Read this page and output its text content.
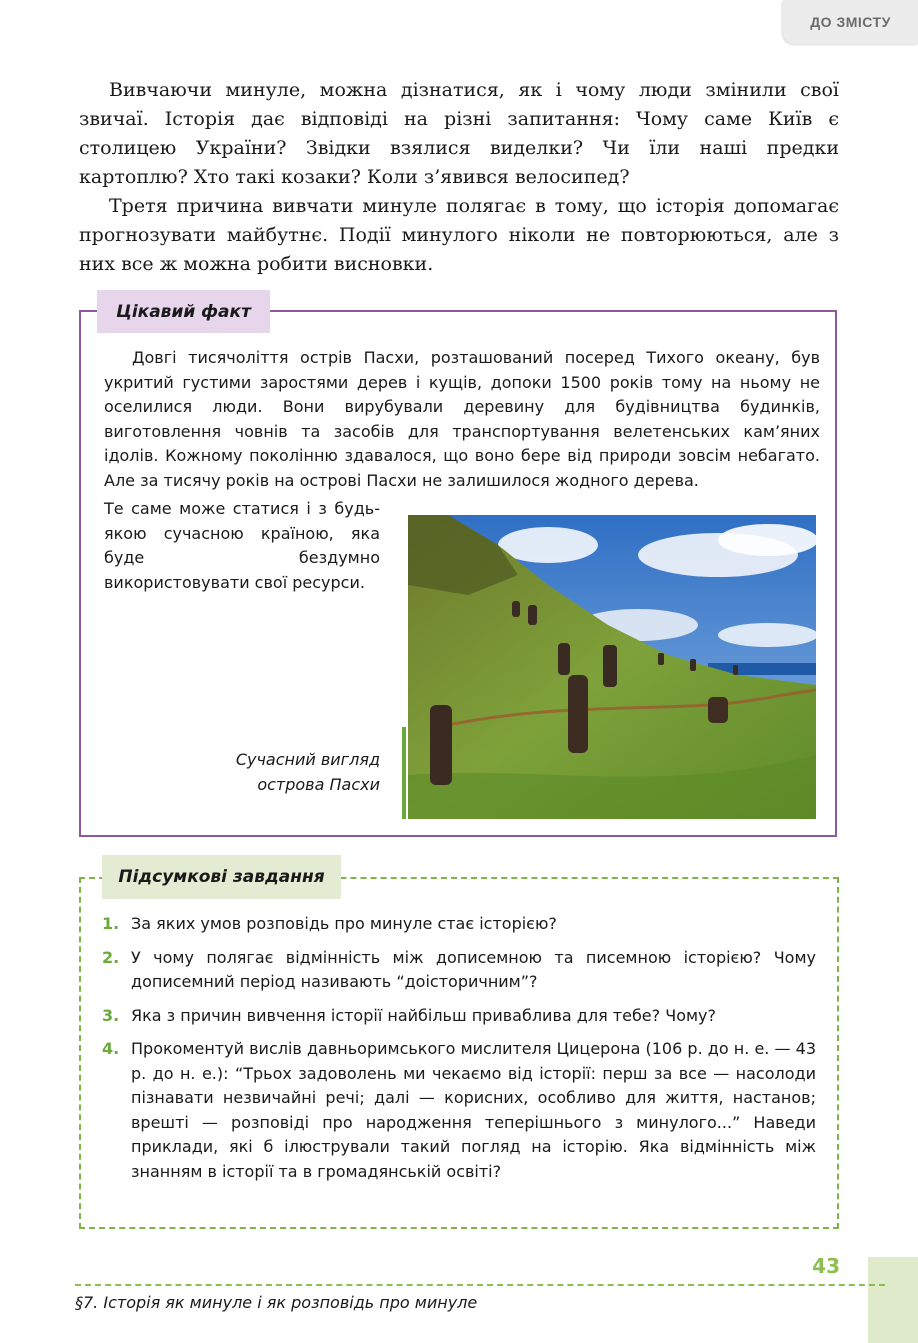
ДО ЗМІСТУ

Вивчаючи минуле, можна дізнатися, як і чому люди змінили свої звичаї. Історія дає відповіді на різні запитання: Чому саме Київ є столицею України? Звідки взялися виделки? Чи їли наші предки картоплю? Хто такі козаки? Коли з’явився велосипед?

Третя причина вивчати минуле полягає в тому, що історія допомагає прогнозувати майбутнє. Події минулого ніколи не повторюються, але з них все ж можна робити висновки.

Цікавий факт

Довгі тисячоліття острів Пасхи, розташований посеред Тихого океану, був укритий густими заростями дерев і кущів, допоки 1500 років тому на ньому не оселилися люди. Вони вирубували деревину для будівництва будинків, виготовлення човнів та засобів для транспортування велетенських кам’яних ідолів. Кожному поколінню здавалося, що воно бере від природи зовсім небагато. Але за тисячу років на острові Пасхи не залишилося жодного дерева.

Те саме може статися і з будь-якою сучасною країною, яка буде бездумно використовувати свої ресурси.
Сучасний вигляд
острова Пасхи
Підсумкові завдання
1. За яких умов розповідь про минуле стає історією?
2. У чому полягає відмінність між дописемною та писемною історією? Чому дописемний період називають “доісторичним”?
3. Яка з причин вивчення історії найбільш приваблива для тебе? Чому?
4. Прокоментуй вислів давньоримського мислителя Цицерона (106 р. до н. е. — 43 р. до н. е.): “Трьох задоволень ми чекаємо від історії: перш за все — насолоди пізнавати незвичайні речі; далі — корисних, особливо для життя, настанов; врешті — розповіді про народження теперішнього з минулого...” Наведи приклади, які б ілюстрували такий погляд на історію. Яка відмінність між знанням в історії та в громадянській освіті?
43
§7. Історія як минуле і як розповідь про минуле
